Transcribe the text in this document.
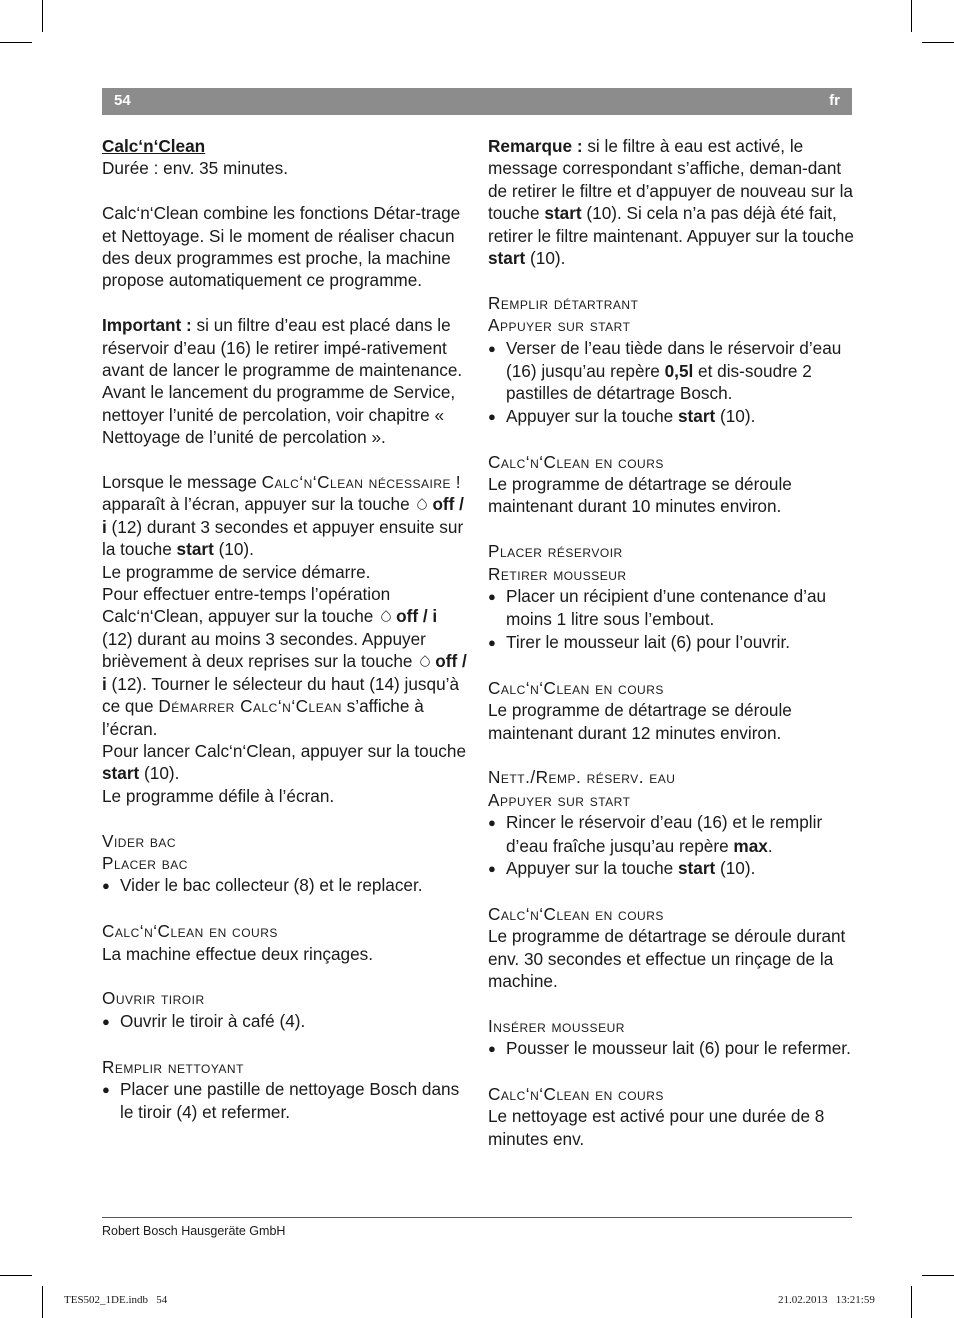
54	fr

Calc‘n‘Clean

Durée : env. 35 minutes.

Calc‘n‘Clean combine les fonctions Détar-trage et Nettoyage. Si le moment de réaliser chacun des deux programmes est proche, la machine propose automatiquement ce programme.

Important : si un filtre d’eau est placé dans le réservoir d’eau (16) le retirer impé-rativement avant de lancer le programme de maintenance. Avant le lancement du programme de Service, nettoyer l’unité de percolation, voir chapitre « Nettoyage de l’unité de percolation ».

Lorsque le message Calc‘n‘Clean nécessaire ! apparaît à l’écran, appuyer sur la touche off / i (12) durant 3 secondes et appuyer ensuite sur la touche start (10).

Le programme de service démarre.

Pour effectuer entre-temps l’opération Calc‘n‘Clean, appuyer sur la touche off / i (12) durant au moins 3 secondes. Appuyer brièvement à deux reprises sur la touche off / i (12). Tourner le sélecteur du haut (14) jusqu’à ce que Démarrer Calc‘n‘Clean s’affiche à l’écran.

Pour lancer Calc‘n‘Clean, appuyer sur la touche start (10).

Le programme défile à l’écran.

Vider bac

Placer bac

● Vider le bac collecteur (8) et le replacer.

Calc‘n‘Clean en cours

La machine effectue deux rinçages.

Ouvrir tiroir

● Ouvrir le tiroir à café (4).

Remplir nettoyant

● Placer une pastille de nettoyage Bosch dans le tiroir (4) et refermer.

Remarque : si le filtre à eau est activé, le message correspondant s’affiche, deman-dant de retirer le filtre et d’appuyer de nouveau sur la touche start (10). Si cela n’a pas déjà été fait, retirer le filtre maintenant. Appuyer sur la touche start (10).

Remplir détartrant

Appuyer sur start

● Verser de l’eau tiède dans le réservoir d’eau (16) jusqu’au repère 0,5l et dis-soudre 2 pastilles de détartrage Bosch.

● Appuyer sur la touche start (10).

Calc‘n‘Clean en cours

Le programme de détartrage se déroule maintenant durant 10 minutes environ.

Placer réservoir

Retirer mousseur

● Placer un récipient d’une contenance d’au moins 1 litre sous l’embout.

● Tirer le mousseur lait (6) pour l’ouvrir.

Calc‘n‘Clean en cours

Le programme de détartrage se déroule maintenant durant 12 minutes environ.

Nett./Remp. réserv. eau

Appuyer sur start

● Rincer le réservoir d’eau (16) et le remplir d’eau fraîche jusqu’au repère max.

● Appuyer sur la touche start (10).

Calc‘n‘Clean en cours

Le programme de détartrage se déroule durant env. 30 secondes et effectue un rinçage de la machine.

Insérer mousseur

● Pousser le mousseur lait (6) pour le refermer.

Calc‘n‘Clean en cours

Le nettoyage est activé pour une durée de 8 minutes env.

Robert Bosch Hausgeräte GmbH
TES502_1DE.indb   54	21.02.2013   13:21:59
